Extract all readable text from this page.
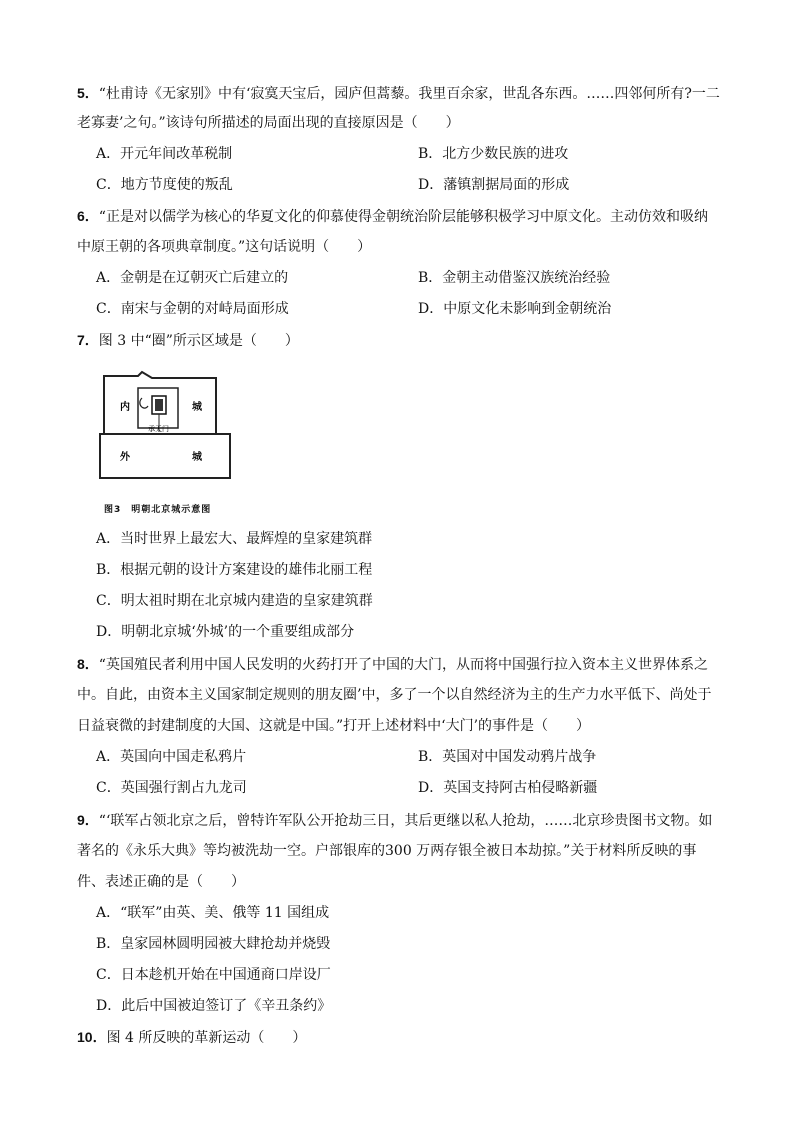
5．“杜甫诗《无家别》中有‘寂寞天宝后，园庐但蒿藜。我里百余家，世乱各东西。……四邻何所有?一二
老寡妻’之句。”该诗句所描述的局面出现的直接原因是（　　）
A．开元年间改革税制	B．北方少数民族的进攻
C．地方节度使的叛乱	D．藩镇割据局面的形成
6．“正是对以儒学为核心的华夏文化的仰慕使得金朝统治阶层能够积极学习中原文化。主动仿效和吸纳
中原王朝的各项典章制度。”这句话说明（　　）
A．金朝是在辽朝灭亡后建立的	B．金朝主动借鉴汉族统治经验
C．南宋与金朝的对峙局面形成	D．中原文化未影响到金朝统治
7．图 3 中“圈”所示区域是（　　）
内	城
外	城
承天门
图3　明朝北京城示意图
A．当时世界上最宏大、最辉煌的皇家建筑群
B．根据元朝的设计方案建设的雄伟北丽工程
C．明太祖时期在北京城内建造的皇家建筑群
D．明朝北京城‘外城’的一个重要组成部分
8．“英国殖民者利用中国人民发明的火药打开了中国的大门，从而将中国强行拉入资本主义世界体系之
中。自此，由资本主义国家制定规则的朋友圈’中，多了一个以自然经济为主的生产力水平低下、尚处于
日益衰微的封建制度的大国、这就是中国。”打开上述材料中‘大门’的事件是（　　）
A．英国向中国走私鸦片	B．英国对中国发动鸦片战争
C．英国强行割占九龙司	D．英国支持阿古柏侵略新疆
9．“‘联军占领北京之后，曾特许军队公开抢劫三日，其后更继以私人抢劫，……北京珍贵图书文物。如
著名的《永乐大典》等均被洗劫一空。户部银库的300 万两存银全被日本劫掠。”关于材料所反映的事
件、表述正确的是（　　）
A．“联军”由英、美、俄等 11 国组成
B．皇家园林圆明园被大肆抢劫并烧毁
C．日本趁机开始在中国通商口岸设厂
D．此后中国被迫签订了《辛丑条约》
10．图 4 所反映的革新运动（　　）
